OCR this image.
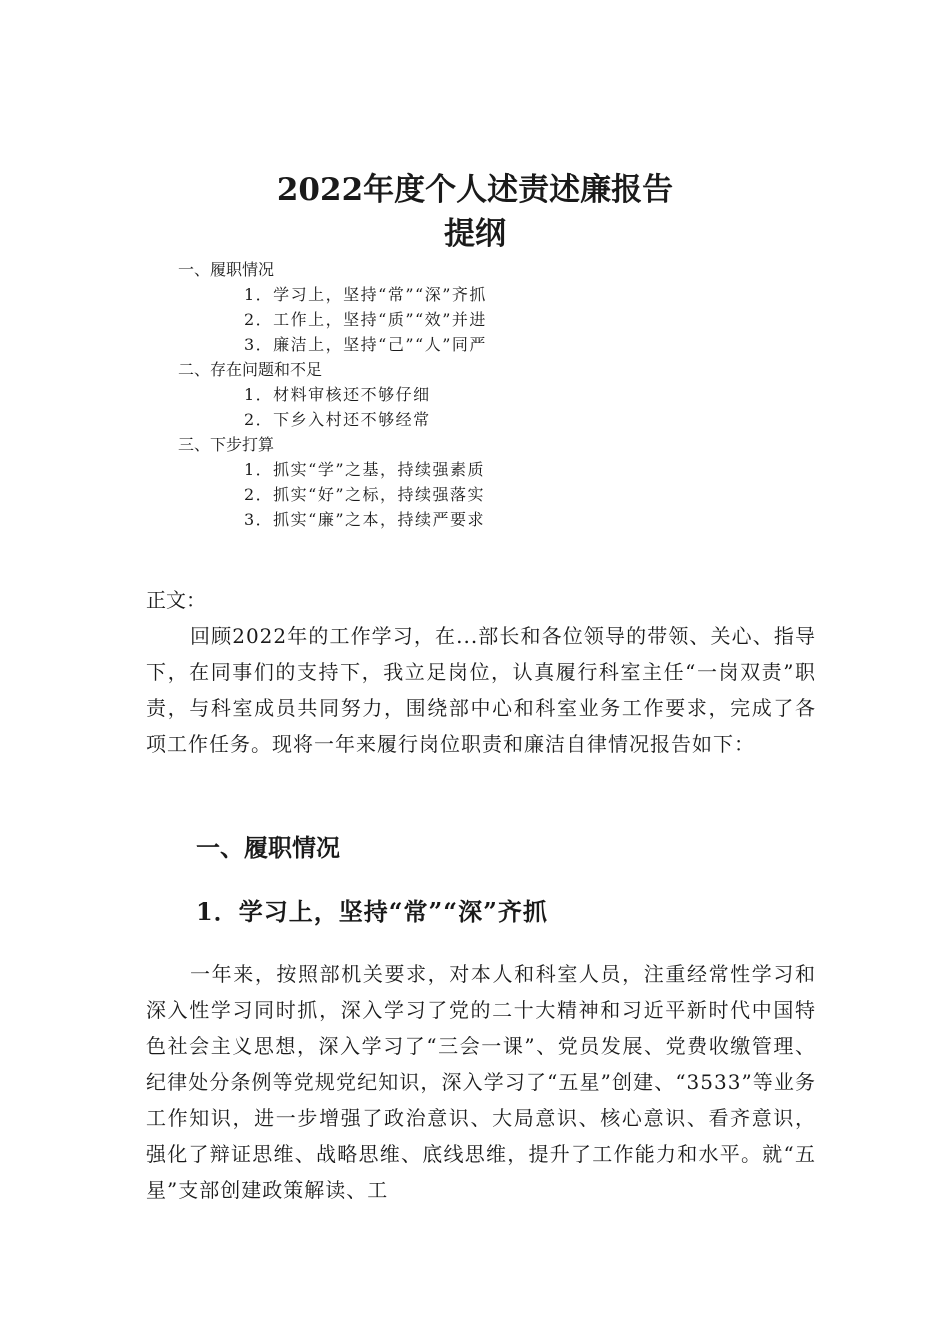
2022年度个人述责述廉报告
提纲
一、履职情况
1．学习上，坚持“常”“深”齐抓
2．工作上，坚持“质”“效”并进
3．廉洁上，坚持“己”“人”同严
二、存在问题和不足
1．材料审核还不够仔细
2．下乡入村还不够经常
三、下步打算
1．抓实“学”之基，持续强素质
2．抓实“好”之标，持续强落实
3．抓实“廉”之本，持续严要求
正文：

回顾2022年的工作学习，在...部长和各位领导的带领、关心、指导下，在同事们的支持下，我立足岗位，认真履行科室主任“一岗双责”职责，与科室成员共同努力，围绕部中心和科室业务工作要求，完成了各项工作任务。现将一年来履行岗位职责和廉洁自律情况报告如下：

一、履职情况
1．学习上，坚持“常”“深”齐抓

一年来，按照部机关要求，对本人和科室人员，注重经常性学习和深入性学习同时抓，深入学习了党的二十大精神和习近平新时代中国特色社会主义思想，深入学习了“三会一课”、党员发展、党费收缴管理、纪律处分条例等党规党纪知识，深入学习了“五星”创建、“3533”等业务工作知识，进一步增强了政治意识、大局意识、核心意识、看齐意识，强化了辩证思维、战略思维、底线思维，提升了工作能力和水平。就“五星”支部创建政策解读、工
